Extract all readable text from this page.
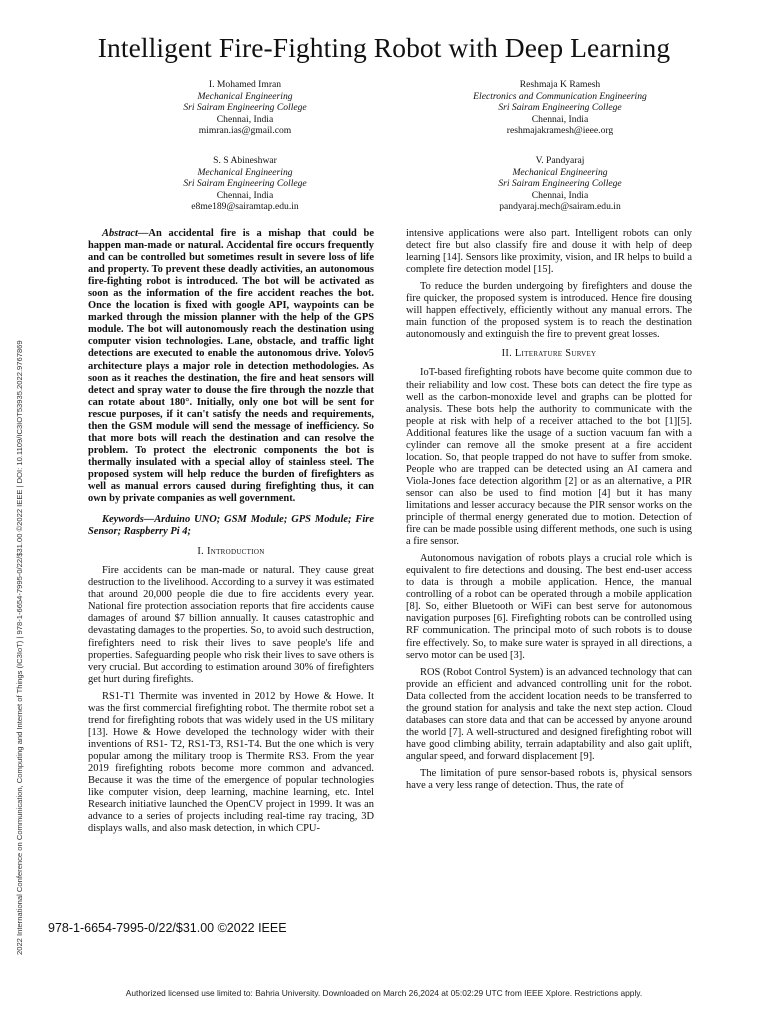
Intelligent Fire-Fighting Robot with Deep Learning
I. Mohamed Imran
Mechanical Engineering
Sri Sairam Engineering College
Chennai, India
mimran.ias@gmail.com
Reshmaja K Ramesh
Electronics and Communication Engineering
Sri Sairam Engineering College
Chennai, India
reshmajakramesh@ieee.org
S. S Abineshwar
Mechanical Engineering
Sri Sairam Engineering College
Chennai, India
e8me189@sairamtap.edu.in
V. Pandyaraj
Mechanical Engineering
Sri Sairam Engineering College
Chennai, India
pandyaraj.mech@sairam.edu.in
2022 International Conference on Communication, Computing and Internet of Things (IC3IoT) | 978-1-6654-7995-0/22/$31.00 ©2022 IEEE | DOI: 10.1109/IC3IOT53935.2022.9767869

Abstract—An accidental fire is a mishap that could be happen man-made or natural. Accidental fire occurs frequently and can be controlled but sometimes result in severe loss of life and property. To prevent these deadly activities, an autonomous fire-fighting robot is introduced. The bot will be activated as soon as the information of the fire accident reaches the bot. Once the location is fixed with google API, waypoints can be marked through the mission planner with the help of the GPS module. The bot will autonomously reach the destination using computer vision technologies. Lane, obstacle, and traffic light detections are executed to enable the autonomous drive. Yolov5 architecture plays a major role in detection methodologies. As soon as it reaches the destination, the fire and heat sensors will detect and spray water to douse the fire through the nozzle that can rotate about 180°. Initially, only one bot will be sent for rescue purposes, if it can't satisfy the needs and requirements, then the GSM module will send the message of inefficiency. So that more bots will reach the destination and can resolve the problem. To protect the electronic components the bot is thermally insulated with a special alloy of stainless steel. The proposed system will help reduce the burden of firefighters as well as manual errors caused during firefighting thus, it can own by private companies as well government.

Keywords—Arduino UNO; GSM Module; GPS Module; Fire Sensor; Raspberry Pi 4;

I. Introduction

Fire accidents can be man-made or natural. They cause great destruction to the livelihood. According to a survey it was estimated that around 20,000 people die due to fire accidents every year. National fire protection association reports that fire accidents cause damages of around $7 billion annually. It causes catastrophic and devastating damages to the properties. So, to avoid such destruction, firefighters need to risk their lives to save people's life and properties. Safeguarding people who risk their lives to save others is very crucial. But according to estimation around 30% of firefighters get hurt during firefights.

RS1-T1 Thermite was invented in 2012 by Howe & Howe. It was the first commercial firefighting robot. The thermite robot set a trend for firefighting robots that was widely used in the US military [13]. Howe & Howe developed the technology wider with their inventions of RS1- T2, RS1-T3, RS1-T4. But the one which is very popular among the military troop is Thermite RS3. From the year 2019 firefighting robots become more common and advanced. Because it was the time of the emergence of popular technologies like computer vision, deep learning, machine learning, etc. Intel Research initiative launched the OpenCV project in 1999. It was an advance to a series of projects including real-time ray tracing, 3D displays walls, and also mask detection, in which CPU-

intensive applications were also part. Intelligent robots can only detect fire but also classify fire and douse it with help of deep learning [14]. Sensors like proximity, vision, and IR helps to build a complete fire detection model [15].

To reduce the burden undergoing by firefighters and douse the fire quicker, the proposed system is introduced. Hence fire dousing will happen effectively, efficiently without any manual errors. The main function of the proposed system is to reach the destination autonomously and extinguish the fire to prevent great losses.

II. Literature Survey

IoT-based firefighting robots have become quite common due to their reliability and low cost. These bots can detect the fire type as well as the carbon-monoxide level and graphs can be plotted for analysis. These bots help the authority to communicate with the people at risk with help of a receiver attached to the bot [1][5]. Additional features like the usage of a suction vacuum fan with a cylinder can remove all the smoke present at a fire accident location. So, that people trapped do not have to suffer from smoke. People who are trapped can be detected using an AI camera and Viola-Jones face detection algorithm [2] or as an alternative, a PIR sensor can also be used to find motion [4] but it has many limitations and lesser accuracy because the PIR sensor works on the principle of thermal energy generated due to motion. Detection of fire can be made possible using different methods, one such is using a fire sensor.

Autonomous navigation of robots plays a crucial role which is equivalent to fire detections and dousing. The best end-user access to data is through a mobile application. Hence, the manual controlling of a robot can be operated through a mobile application [8]. So, either Bluetooth or WiFi can best serve for autonomous navigation purposes [6]. Firefighting robots can be controlled using RF communication. The principal moto of such robots is to douse fire effectively. So, to make sure water is sprayed in all directions, a servo motor can be used [3].

ROS (Robot Control System) is an advanced technology that can provide an efficient and advanced controlling unit for the robot. Data collected from the accident location needs to be transferred to the ground station for analysis and take the next step action. Cloud databases can store data and that can be accessed by anyone around the world [7]. A well-structured and designed firefighting robot will have good climbing ability, terrain adaptability and also gait uplift, angular speed, and forward displacement [9].

The limitation of pure sensor-based robots is, physical sensors have a very less range of detection. Thus, the rate of

978-1-6654-7995-0/22/$31.00 ©2022 IEEE
Authorized licensed use limited to: Bahria University. Downloaded on March 26,2024 at 05:02:29 UTC from IEEE Xplore. Restrictions apply.
